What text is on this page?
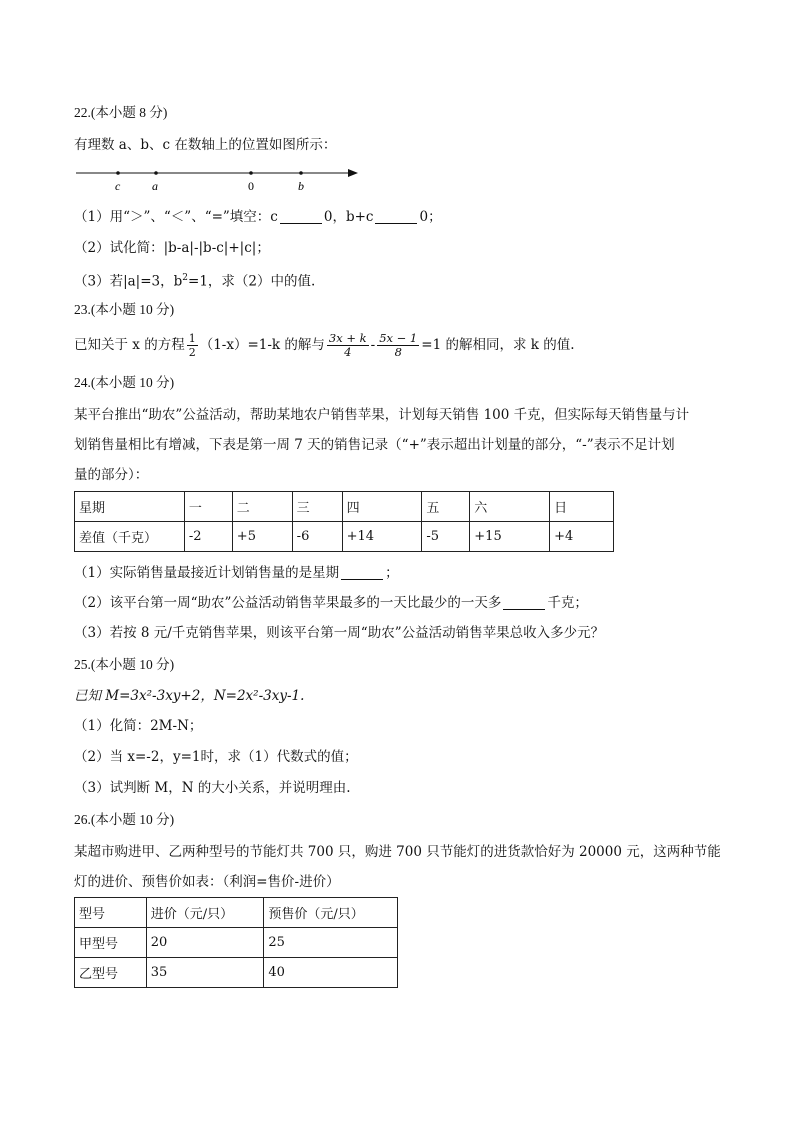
22.(本小题 8 分)
有理数 a、b、c 在数轴上的位置如图所示：
c	a	0	b
（1）用“＞”、“＜”、“=”填空：c	0，b+c	0；
（2）试化简：|b-a|-|b-c|+|c|；
（3）若|a|=3，$b^2=1$，求（2）中的值.
23.(本小题 10 分)
已知关于 x 的方程 $\frac{1}{2} (1-x)=1-k$ 的解与 $\frac{3x + k}{4} - \frac{5x - 1}{8} =1$ 的解相同，求 k 的值.
24.(本小题 10 分)
某平台推出“助农”公益活动，帮助某地农户销售苹果，计划每天销售 100 千克，但实际每天销售量与计
划销售量相比有增减，下表是第一周 7 天的销售记录（“+”表示超出计划量的部分，“-”表示不足计划
量的部分）：
星期	一	二	三	四	五	六	日
差值（千克）	-2	+5	-6	+14	-5	+15	+4
（1）实际销售量最接近计划销售量的是星期	；
（2）该平台第一周“助农”公益活动销售苹果最多的一天比最少的一天多	千克；
（3）若按 8 元/千克销售苹果，则该平台第一周“助农”公益活动销售苹果总收入多少元？
25.(本小题 10 分)
已知 M=3x²-3xy+2，N=2x²-3xy-1.
（1）化简：2M-N；
（2）当 x=-2，y=1时，求（1）代数式的值；
（3）试判断 M，N 的大小关系，并说明理由.
26.(本小题 10 分)
某超市购进甲、乙两种型号的节能灯共 700 只，购进 700 只节能灯的进货款恰好为 20000 元，这两种节能
灯的进价、预售价如表：（利润=售价-进价）
型号	进价（元/只）	预售价（元/只）
甲型号	20	25
乙型号	35	40
